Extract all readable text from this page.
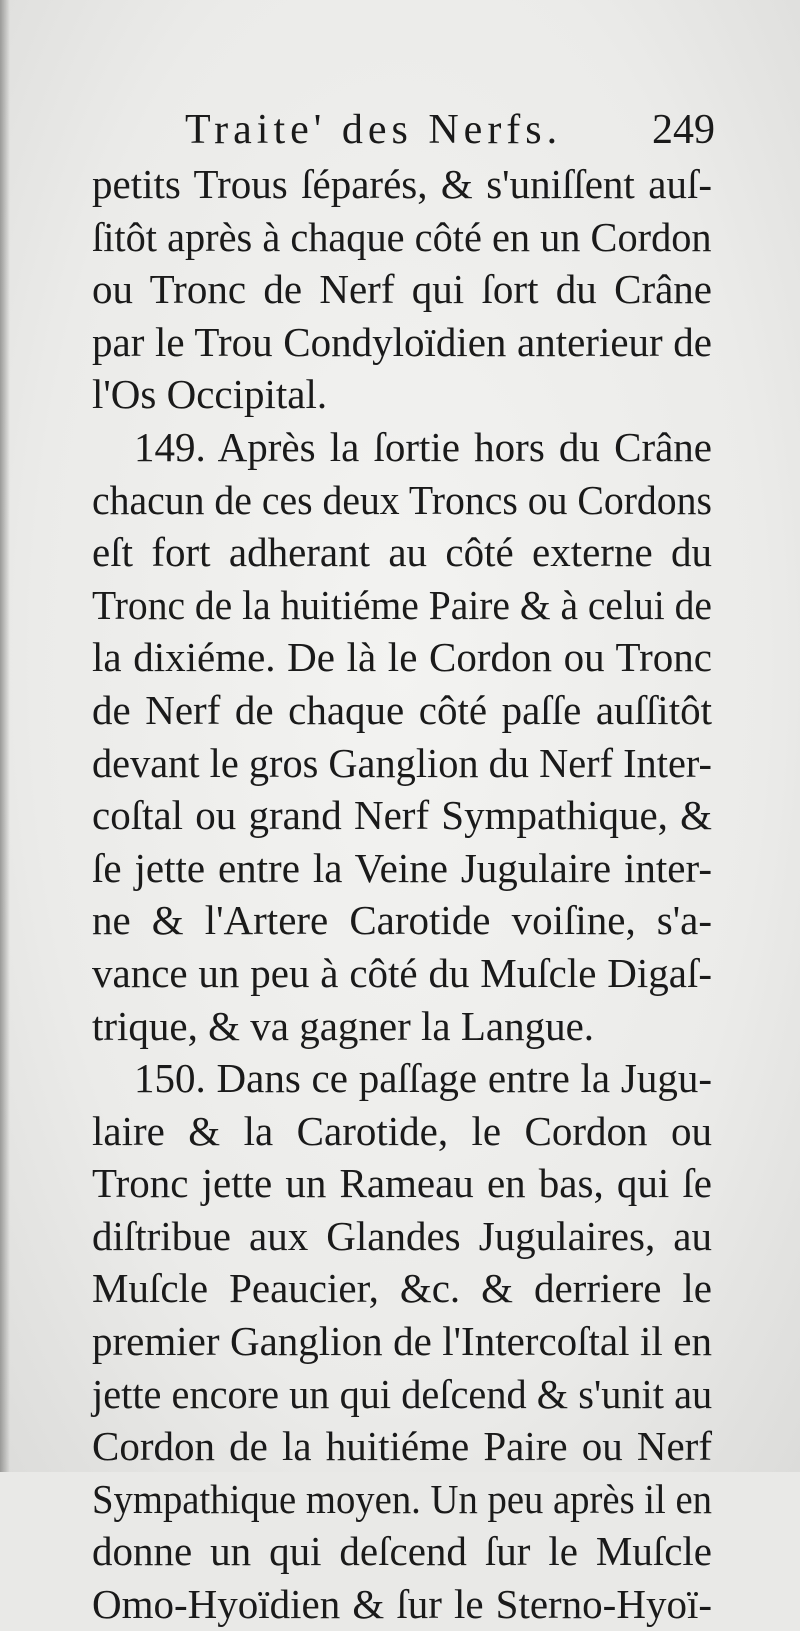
Traite' des Nerfs. 249
petits Trous ſéparés, & s'uniſſent auſ-
ſitôt après à chaque côté en un Cordon
ou Tronc de Nerf qui ſort du Crâne
par le Trou Condyloïdien anterieur de
l'Os Occipital.
149. Après la ſortie hors du Crâne
chacun de ces deux Troncs ou Cordons
eſt fort adherant au côté externe du
Tronc de la huitiéme Paire & à celui de
la dixiéme. De là le Cordon ou Tronc
de Nerf de chaque côté paſſe auſſitôt
devant le gros Ganglion du Nerf Inter-
coſtal ou grand Nerf Sympathique, &
ſe jette entre la Veine Jugulaire inter-
ne & l'Artere Carotide voiſine, s'a-
vance un peu à côté du Muſcle Digaſ-
trique, & va gagner la Langue.
150. Dans ce paſſage entre la Jugu-
laire & la Carotide, le Cordon ou
Tronc jette un Rameau en bas, qui ſe
diſtribue aux Glandes Jugulaires, au
Muſcle Peaucier, &c. & derriere le
premier Ganglion de l'Intercoſtal il en
jette encore un qui deſcend & s'unit au
Cordon de la huitiéme Paire ou Nerf
Sympathique moyen. Un peu après il en
donne un qui deſcend ſur le Muſcle
Omo-Hyoïdien & ſur le Sterno-Hyoï-
